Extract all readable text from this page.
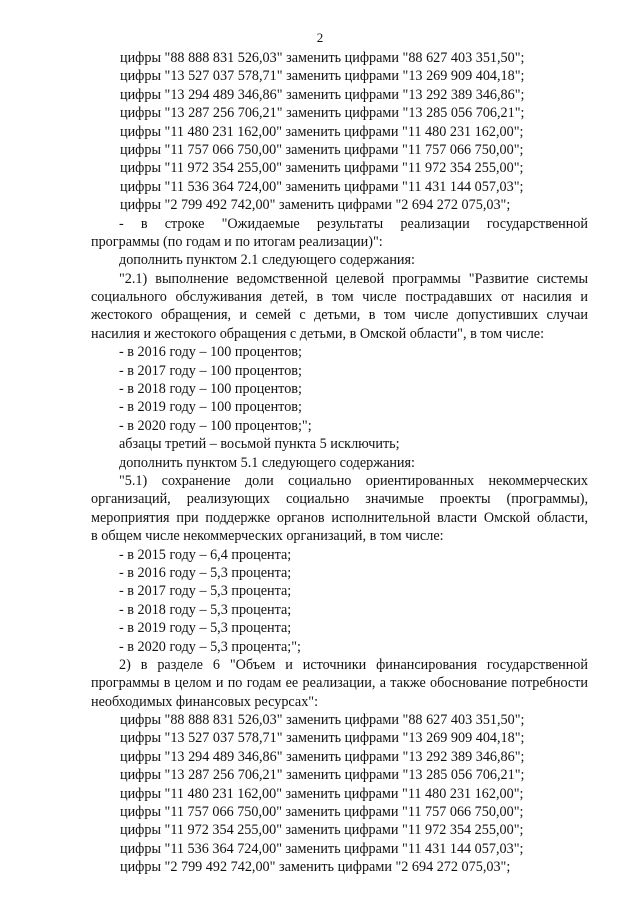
2
цифры "88 888 831 526,03" заменить цифрами "88 627 403 351,50";
цифры "13 527 037 578,71" заменить цифрами "13 269 909 404,18";
цифры "13 294 489 346,86" заменить цифрами "13 292 389 346,86";
цифры "13 287 256 706,21" заменить цифрами "13 285 056 706,21";
цифры "11 480 231 162,00" заменить цифрами "11 480 231 162,00";
цифры "11 757 066 750,00" заменить цифрами "11 757 066 750,00";
цифры "11 972 354 255,00" заменить цифрами "11 972 354 255,00";
цифры "11 536 364 724,00" заменить цифрами "11 431 144 057,03";
цифры "2 799 492 742,00" заменить цифрами "2 694 272 075,03";
- в строке "Ожидаемые результаты реализации государственной
программы (по годам и по итогам реализации)":
дополнить пунктом 2.1 следующего содержания:
"2.1) выполнение ведомственной целевой программы "Развитие системы
социального обслуживания детей, в том числе пострадавших от насилия и
жестокого обращения, и семей с детьми, в том числе допустивших случаи
насилия и жестокого обращения с детьми, в Омской области", в том числе:
- в 2016 году – 100 процентов;
- в 2017 году – 100 процентов;
- в 2018 году – 100 процентов;
- в 2019 году – 100 процентов;
- в 2020 году – 100 процентов;";
абзацы третий – восьмой пункта 5 исключить;
дополнить пунктом 5.1 следующего содержания:
"5.1) сохранение доли социально ориентированных некоммерческих
организаций, реализующих социально значимые проекты (программы),
мероприятия при поддержке органов исполнительной власти Омской области,
в общем числе некоммерческих организаций, в том числе:
- в 2015 году – 6,4 процента;
- в 2016 году – 5,3 процента;
- в 2017 году – 5,3 процента;
- в 2018 году – 5,3 процента;
- в 2019 году – 5,3 процента;
- в 2020 году – 5,3 процента;";
2) в разделе 6 "Объем и источники финансирования государственной
программы в целом и по годам ее реализации, а также обоснование потребности
необходимых финансовых ресурсах":
цифры "88 888 831 526,03" заменить цифрами "88 627 403 351,50";
цифры "13 527 037 578,71" заменить цифрами "13 269 909 404,18";
цифры "13 294 489 346,86" заменить цифрами "13 292 389 346,86";
цифры "13 287 256 706,21" заменить цифрами "13 285 056 706,21";
цифры "11 480 231 162,00" заменить цифрами "11 480 231 162,00";
цифры "11 757 066 750,00" заменить цифрами "11 757 066 750,00";
цифры "11 972 354 255,00" заменить цифрами "11 972 354 255,00";
цифры "11 536 364 724,00" заменить цифрами "11 431 144 057,03";
цифры "2 799 492 742,00" заменить цифрами "2 694 272 075,03";
